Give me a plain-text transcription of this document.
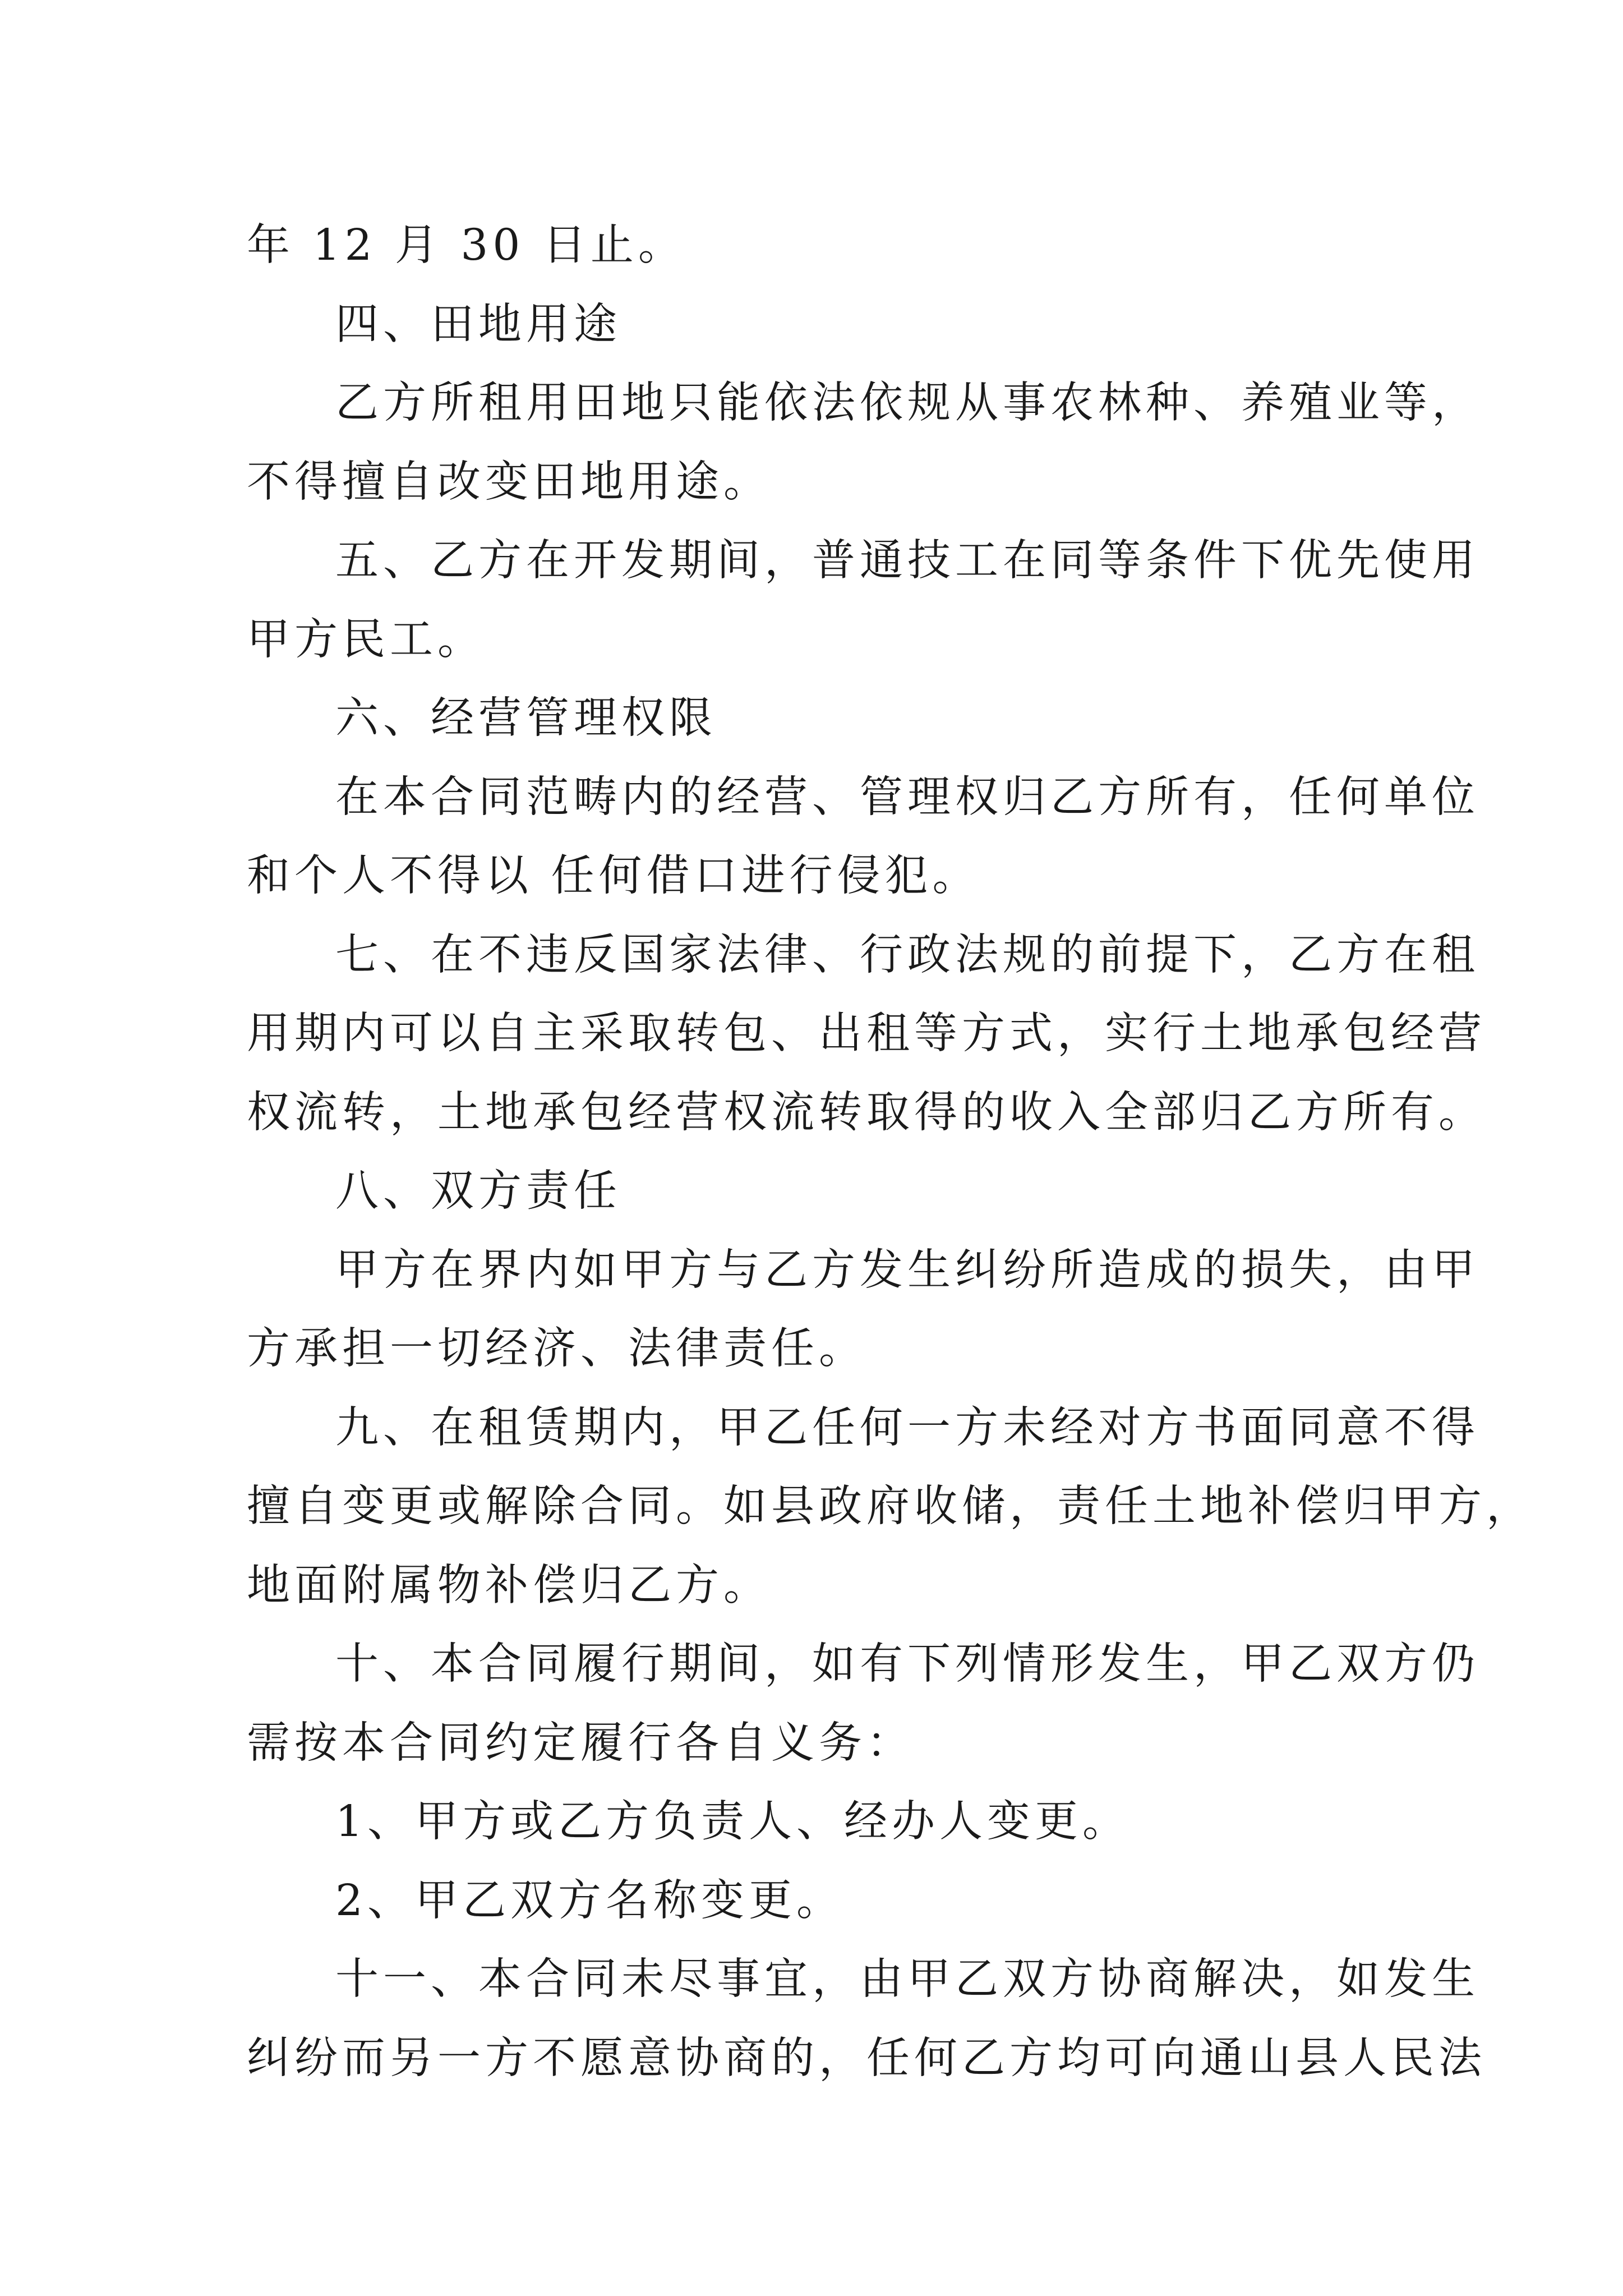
年 12 月 30 日止。
四、田地用途
乙方所租用田地只能依法依规从事农林种、养殖业等，
不得擅自改变田地用途。
五、乙方在开发期间，普通技工在同等条件下优先使用
甲方民工。
六、经营管理权限
在本合同范畴内的经营、管理权归乙方所有，任何单位
和个人不得以 任何借口进行侵犯。
七、在不违反国家法律、行政法规的前提下，乙方在租
用期内可以自主采取转包、出租等方式，实行土地承包经营
权流转，土地承包经营权流转取得的收入全部归乙方所有。
八、双方责任
甲方在界内如甲方与乙方发生纠纷所造成的损失，由甲
方承担一切经济、法律责任。
九、在租赁期内，甲乙任何一方未经对方书面同意不得
擅自变更或解除合同。如县政府收储，责任土地补偿归甲方，
地面附属物补偿归乙方。
十、本合同履行期间，如有下列情形发生，甲乙双方仍
需按本合同约定履行各自义务：
1、甲方或乙方负责人、经办人变更。
2、甲乙双方名称变更。
十一、本合同未尽事宜，由甲乙双方协商解决，如发生
纠纷而另一方不愿意协商的，任何乙方均可向通山县人民法
